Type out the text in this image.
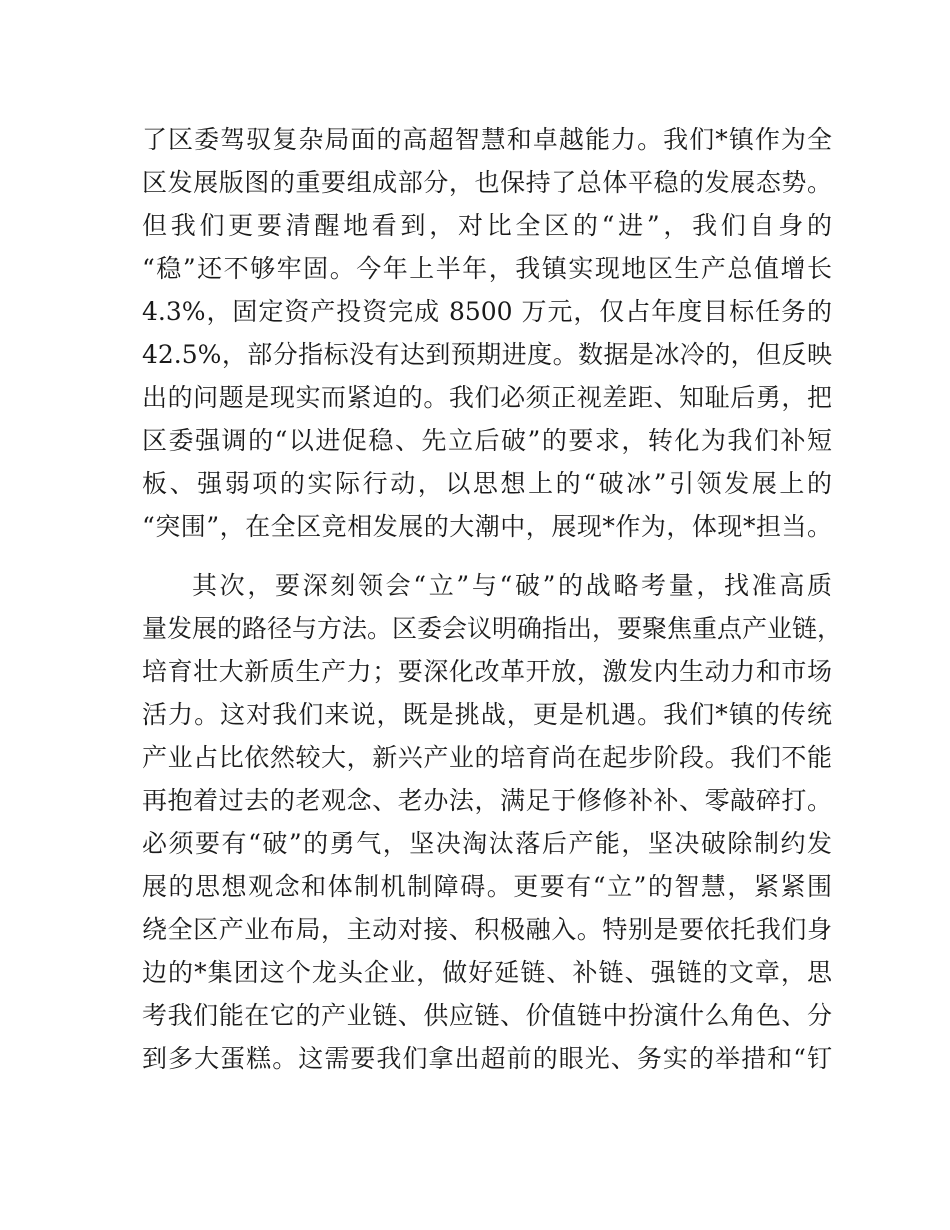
了区委驾驭复杂局面的高超智慧和卓越能力。我们*镇作为全
区发展版图的重要组成部分，也保持了总体平稳的发展态势。
但我们更要清醒地看到，对比全区的“进”，我们自身的
“稳”还不够牢固。今年上半年，我镇实现地区生产总值增长
4.3%，固定资产投资完成 8500 万元，仅占年度目标任务的
42.5%，部分指标没有达到预期进度。数据是冰冷的，但反映
出的问题是现实而紧迫的。我们必须正视差距、知耻后勇，把
区委强调的“以进促稳、先立后破”的要求，转化为我们补短
板、强弱项的实际行动，以思想上的“破冰”引领发展上的
“突围”，在全区竞相发展的大潮中，展现*作为，体现*担当。
其次，要深刻领会“立”与“破”的战略考量，找准高质
量发展的路径与方法。区委会议明确指出，要聚焦重点产业链，
培育壮大新质生产力；要深化改革开放，激发内生动力和市场
活力。这对我们来说，既是挑战，更是机遇。我们*镇的传统
产业占比依然较大，新兴产业的培育尚在起步阶段。我们不能
再抱着过去的老观念、老办法，满足于修修补补、零敲碎打。
必须要有“破”的勇气，坚决淘汰落后产能，坚决破除制约发
展的思想观念和体制机制障碍。更要有“立”的智慧，紧紧围
绕全区产业布局，主动对接、积极融入。特别是要依托我们身
边的*集团这个龙头企业，做好延链、补链、强链的文章，思
考我们能在它的产业链、供应链、价值链中扮演什么角色、分
到多大蛋糕。这需要我们拿出超前的眼光、务实的举措和“钉
